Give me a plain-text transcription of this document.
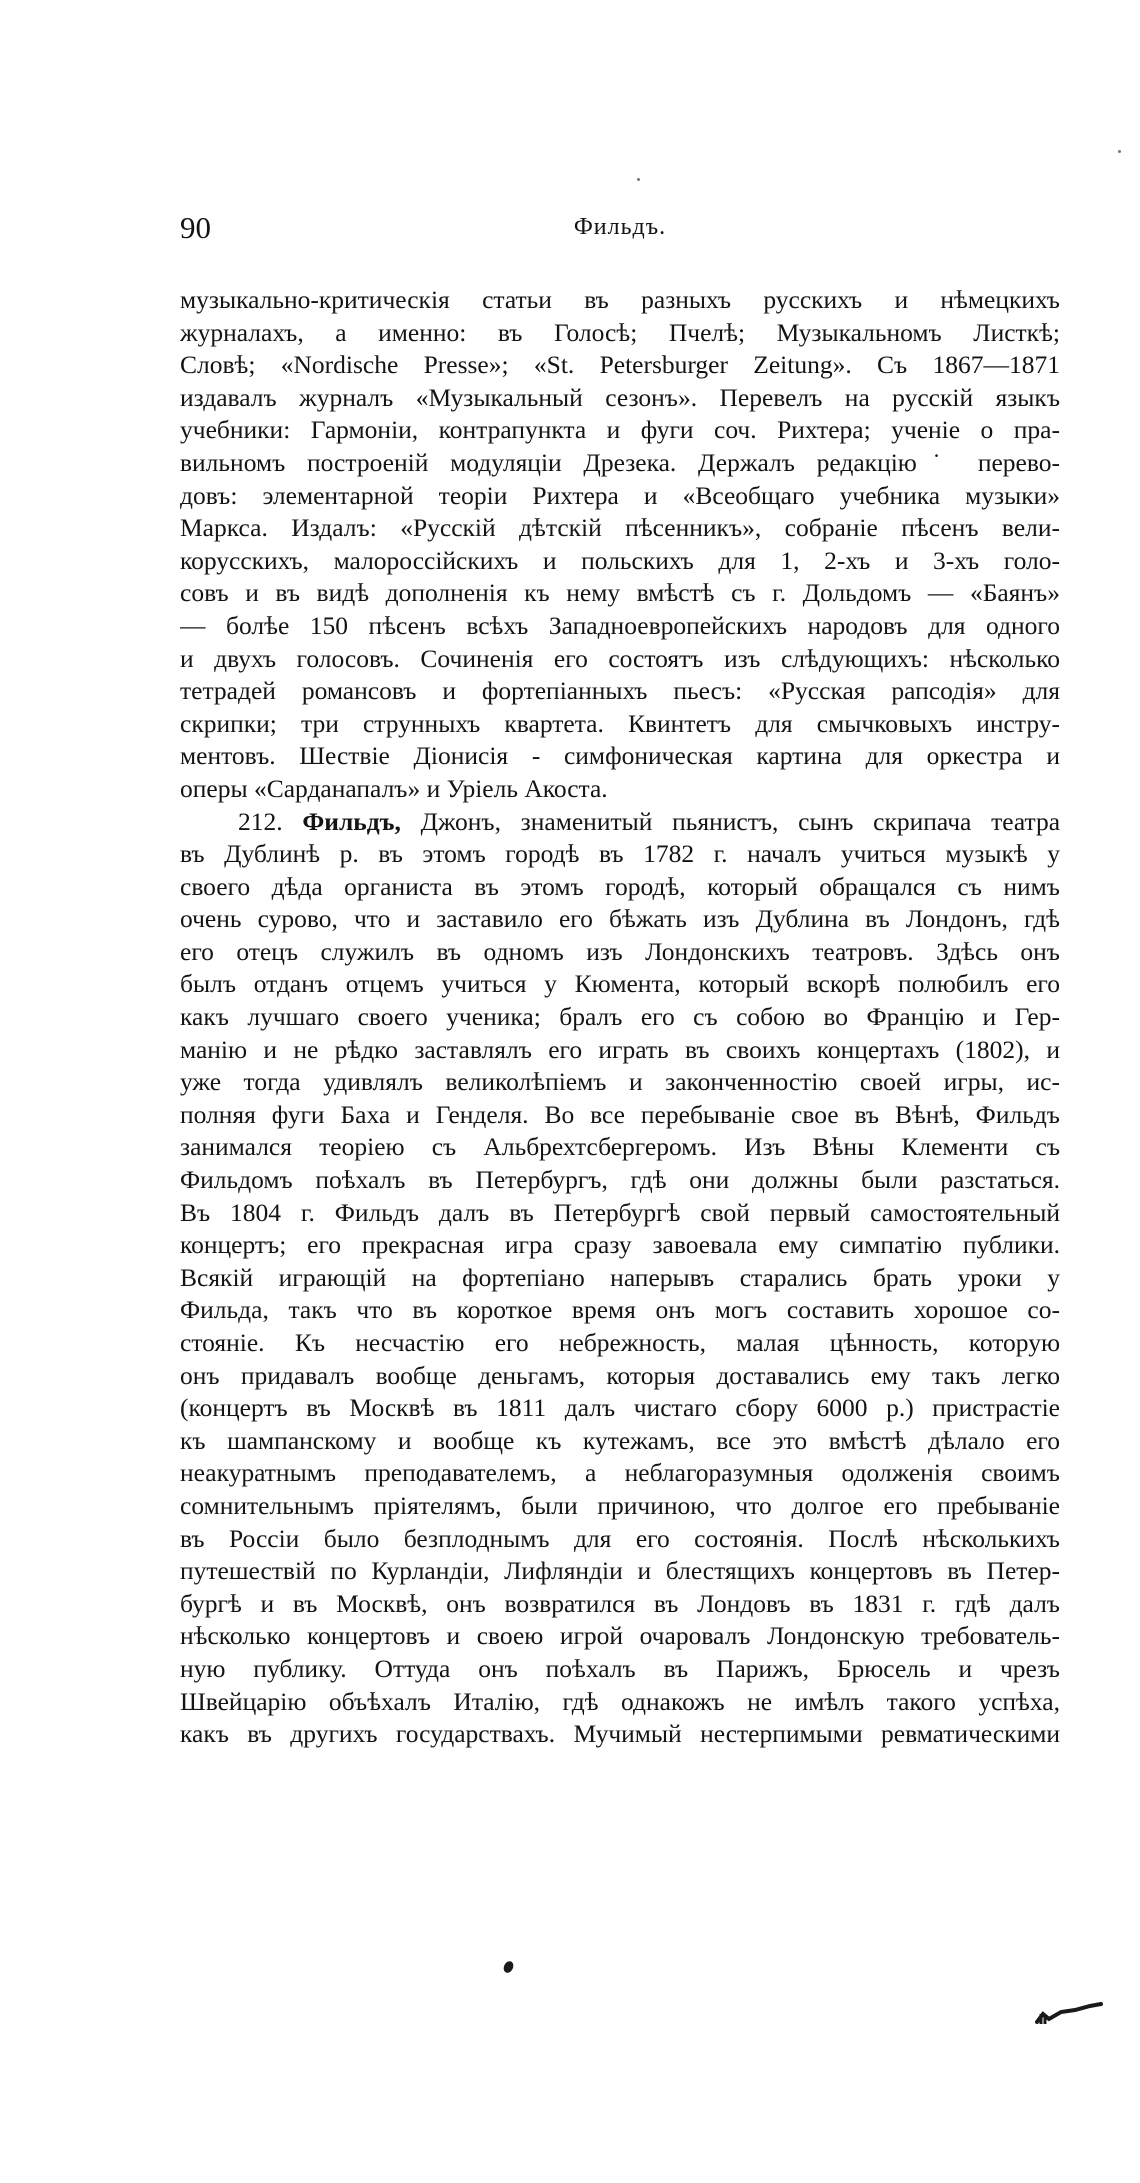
90	Фильдъ.
музыкально-критическія статьи въ разныхъ русскихъ и нѣмецкихъ
журналахъ, а именно: въ Голосѣ; Пчелѣ; Музыкальномъ Листкѣ;
Словѣ; «Nordische Presse»; «St. Petersburger Zeitung». Съ 1867—1871
издавалъ журналъ «Музыкальный сезонъ». Перевелъ на русскій языкъ
учебники: Гармоніи, контрапункта и фуги соч. Рихтера; ученіе о пра-
вильномъ построеній модуляціи Дрезека. Держалъ редакцію˙ перево-
довъ: элементарной теоріи Рихтера и «Всеобщаго учебника музыки»
Маркса. Издалъ: «Русскій дѣтскій пѣсенникъ», собраніе пѣсенъ вели-
корусскихъ, малороссійскихъ и польскихъ для 1, 2-хъ и 3-хъ голо-
совъ и въ видѣ дополненія къ нему вмѣстѣ съ г. Дольдомъ — «Баянъ»
— болѣе 150 пѣсенъ всѣхъ Западноевропейскихъ народовъ для одного
и двухъ голосовъ. Сочиненія его состоятъ изъ слѣдующихъ: нѣсколько
тетрадей романсовъ и фортепіанныхъ пьесъ: «Русская рапсодія» для
скрипки; три струнныхъ квартета. Квинтетъ для смычковыхъ инстру-
ментовъ. Шествіе Діонисія - симфоническая картина для оркестра и
оперы «Сарданапалъ» и Уріель Акоста.
212. Фильдъ, Джонъ, знаменитый пьянистъ, сынъ скрипача театра
въ Дублинѣ р. въ этомъ городѣ въ 1782 г. началъ учиться музыкѣ у
своего дѣда органиста въ этомъ городѣ, который обращался съ нимъ
очень сурово, что и заставило его бѣжать изъ Дублина въ Лондонъ, гдѣ
его отецъ служилъ въ одномъ изъ Лондонскихъ театровъ. Здѣсь онъ
былъ отданъ отцемъ учиться у Кюмента, который вскорѣ полюбилъ его
какъ лучшаго своего ученика; бралъ его съ собою во Францію и Гер-
манію и не рѣдко заставлялъ его играть въ своихъ концертахъ (1802), и
уже тогда удивлялъ великолѣпіемъ и законченностію своей игры, ис-
полняя фуги Баха и Генделя. Во все перебываніе свое въ Вѣнѣ, Фильдъ
занимался теоріею съ Альбрехтсбергеромъ. Изъ Вѣны Клементи съ
Фильдомъ поѣхалъ въ Петербургъ, гдѣ они должны были разстаться.
Въ 1804 г. Фильдъ далъ въ Петербургѣ свой первый самостоятельный
концертъ; его прекрасная игра сразу завоевала ему симпатію публики.
Всякій играющій на фортепіано наперывъ старались брать уроки у
Фильда, такъ что въ короткое время онъ могъ составить хорошое со-
стояніе. Къ несчастію его небрежность, малая цѣнность, которую
онъ придавалъ вообще деньгамъ, которыя доставались ему такъ легко
(концертъ въ Москвѣ въ 1811 далъ чистаго сбору 6000 р.) пристрастіе
къ шампанскому и вообще къ кутежамъ, все это вмѣстѣ дѣлало его
неакуратнымъ преподавателемъ, а неблагоразумныя одолженія своимъ
сомнительнымъ пріятелямъ, были причиною, что долгое его пребываніе
въ Россіи было безплоднымъ для его состоянія. Послѣ нѣсколькихъ
путешествій по Курландіи, Лифляндіи и блестящихъ концертовъ въ Петер-
бургѣ и въ Москвѣ, онъ возвратился въ Лондовъ въ 1831 г. гдѣ далъ
нѣсколько концертовъ и своею игрой очаровалъ Лондонскую требователь-
ную публику. Оттуда онъ поѣхалъ въ Парижъ, Брюсель и чрезъ
Швейцарію объѣхалъ Италію, гдѣ однакожъ не имѣлъ такого успѣха,
какъ въ другихъ государствахъ. Мучимый нестерпимыми ревматическими
